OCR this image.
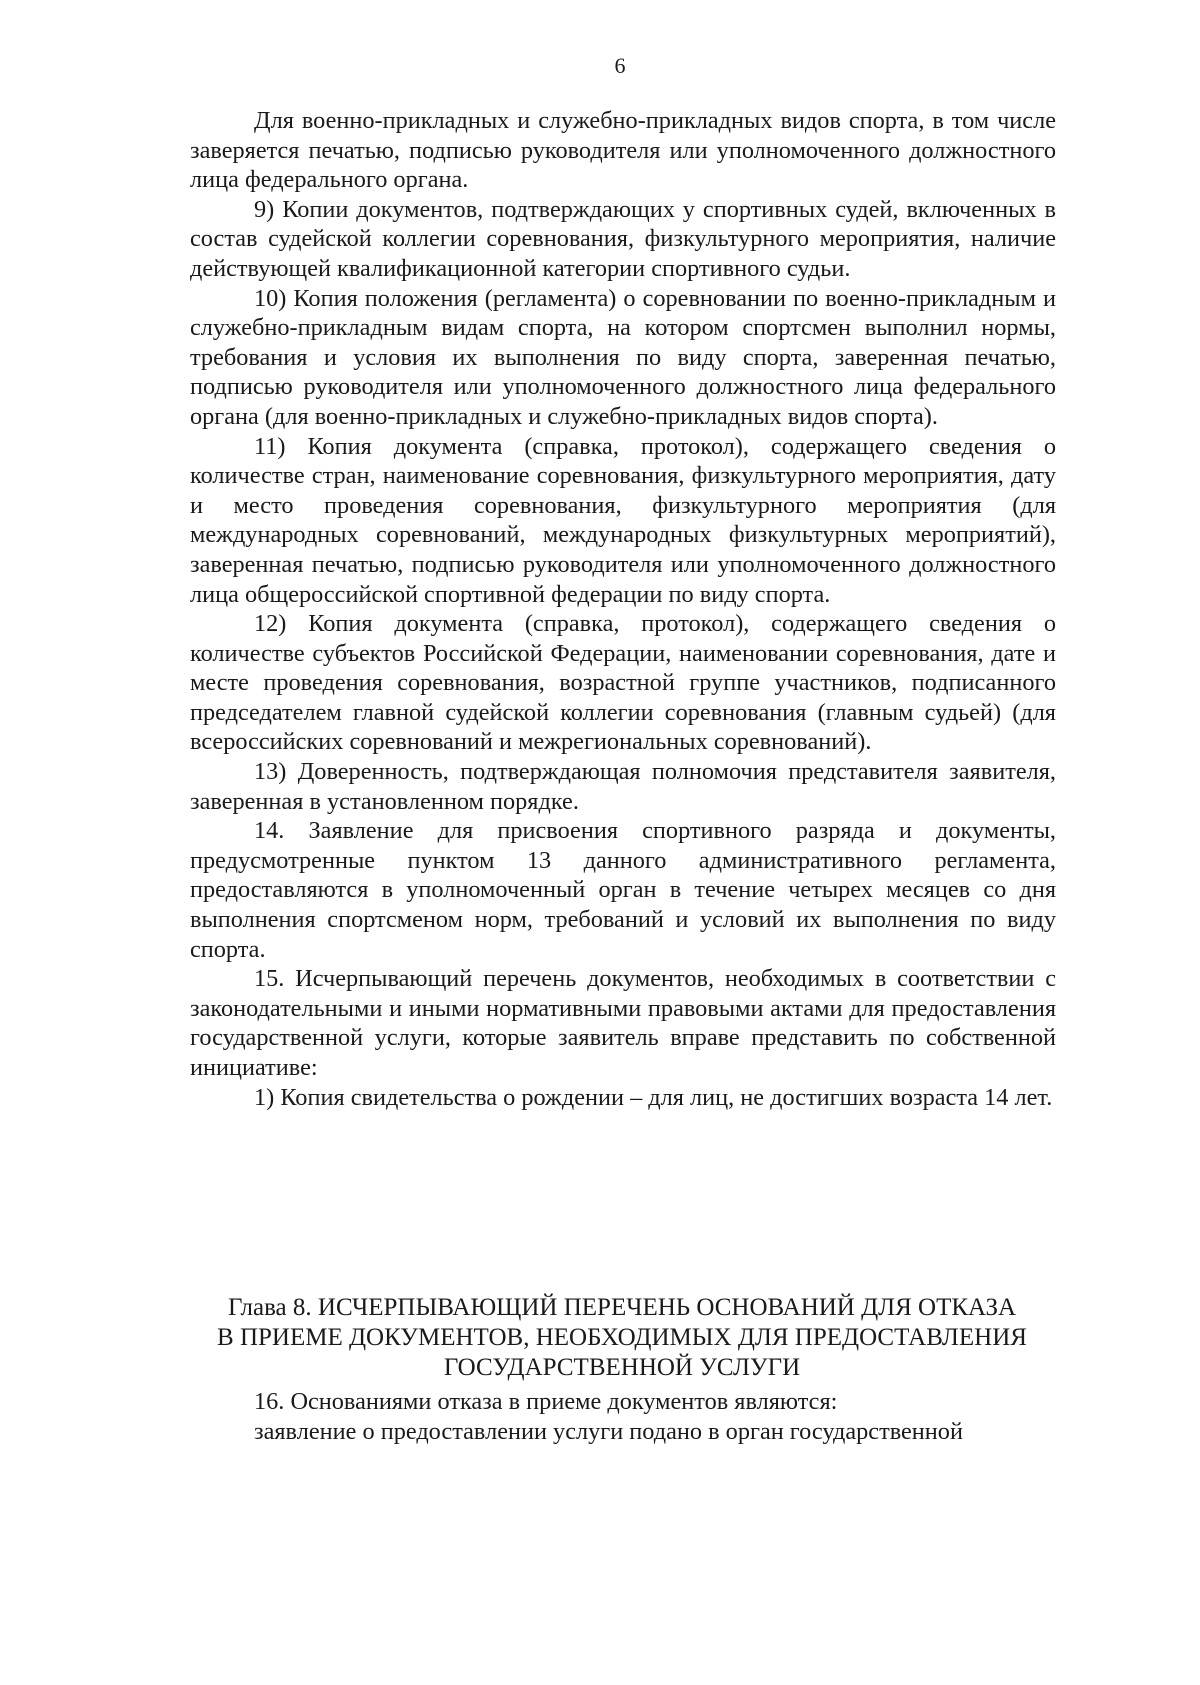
6

Для военно-прикладных и служебно-прикладных видов спорта, в том числе заверяется печатью, подписью руководителя или уполномоченного должностного лица федерального органа.

9) Копии документов, подтверждающих у спортивных судей, включенных в состав судейской коллегии соревнования, физкультурного мероприятия, наличие действующей квалификационной категории спортивного судьи.

10) Копия положения (регламента) о соревновании по военно-прикладным и служебно-прикладным видам спорта, на котором спортсмен выполнил нормы, требования и условия их выполнения по виду спорта, заверенная печатью, подписью руководителя или уполномоченного должностного лица федерального органа (для военно-прикладных и служебно-прикладных видов спорта).

11) Копия документа (справка, протокол), содержащего сведения о количестве стран, наименование соревнования, физкультурного мероприятия, дату и место проведения соревнования, физкультурного мероприятия (для международных соревнований, международных физкультурных мероприятий), заверенная печатью, подписью руководителя или уполномоченного должностного лица общероссийской спортивной федерации по виду спорта.

12) Копия документа (справка, протокол), содержащего сведения о количестве субъектов Российской Федерации, наименовании соревнования, дате и месте проведения соревнования, возрастной группе участников, подписанного председателем главной судейской коллегии соревнования (главным судьей) (для всероссийских соревнований и межрегиональных соревнований).

13) Доверенность, подтверждающая полномочия представителя заявителя, заверенная в установленном порядке.

14. Заявление для присвоения спортивного разряда и документы, предусмотренные пунктом 13 данного административного регламента, предоставляются в уполномоченный орган в течение четырех месяцев со дня выполнения спортсменом норм, требований и условий их выполнения по виду спорта.

15. Исчерпывающий перечень документов, необходимых в соответствии с законодательными и иными нормативными правовыми актами для предоставления государственной услуги, которые заявитель вправе представить по собственной инициативе:

1) Копия свидетельства о рождении – для лиц, не достигших возраста 14 лет.

Глава 8. ИСЧЕРПЫВАЮЩИЙ ПЕРЕЧЕНЬ ОСНОВАНИЙ ДЛЯ ОТКАЗА
В ПРИЕМЕ ДОКУМЕНТОВ, НЕОБХОДИМЫХ ДЛЯ ПРЕДОСТАВЛЕНИЯ
ГОСУДАРСТВЕННОЙ УСЛУГИ

16. Основаниями отказа в приеме документов являются:

заявление о предоставлении услуги подано в орган государственной
